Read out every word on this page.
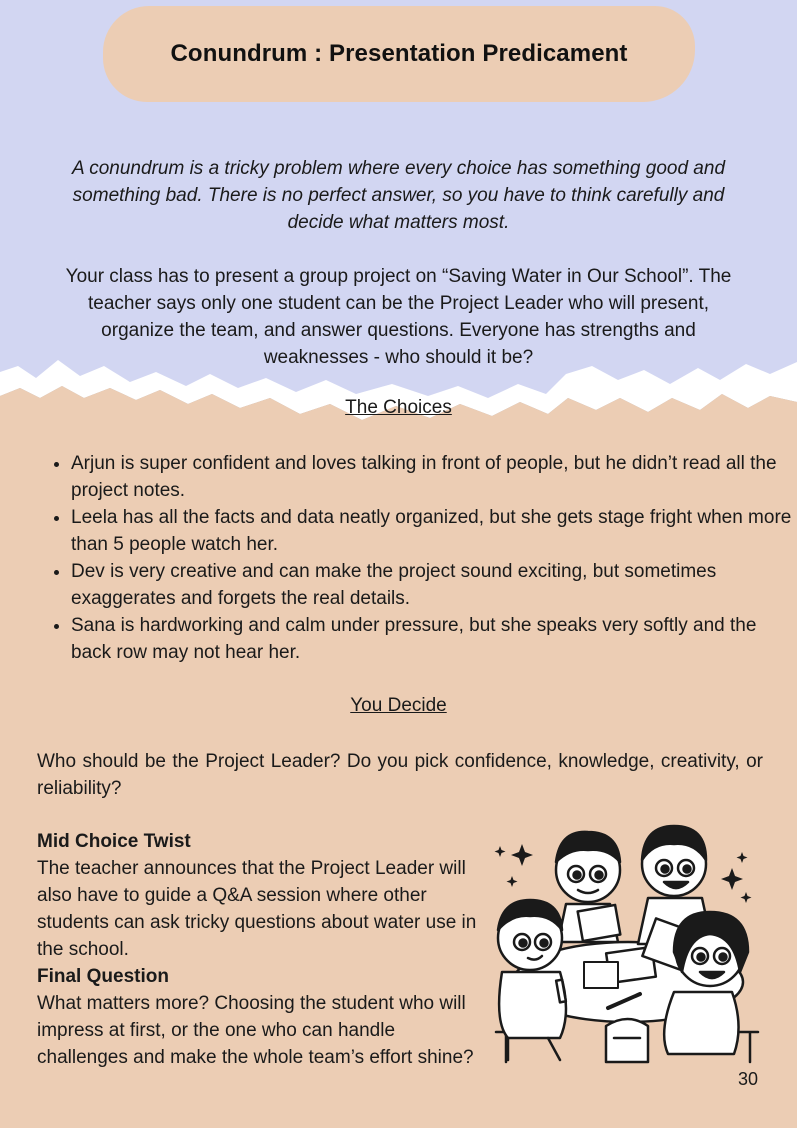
Conundrum : Presentation Predicament

A conundrum is a tricky problem where every choice has something good and something bad. There is no perfect answer, so you have to think carefully and decide what matters most.

Your class has to present a group project on “Saving Water in Our School”. The teacher says only one student can be the Project Leader who will present, organize the team, and answer questions. Everyone has strengths and weaknesses - who should it be?

The Choices

• Arjun is super confident and loves talking in front of people, but he didn’t read all the project notes.
• Leela has all the facts and data neatly organized, but she gets stage fright when more than 5 people watch her.
• Dev is very creative and can make the project sound exciting, but sometimes exaggerates and forgets the real details.
• Sana is hardworking and calm under pressure, but she speaks very softly and the back row may not hear her.

You Decide

Who should be the Project Leader? Do you pick confidence, knowledge, creativity, or reliability?

Mid Choice Twist

The teacher announces that the Project Leader will also have to guide a Q&A session where other students can ask tricky questions about water use in the school.

Final Question

What matters more? Choosing the student who will impress at first, or the one who can handle challenges and make the whole team’s effort shine?

30
